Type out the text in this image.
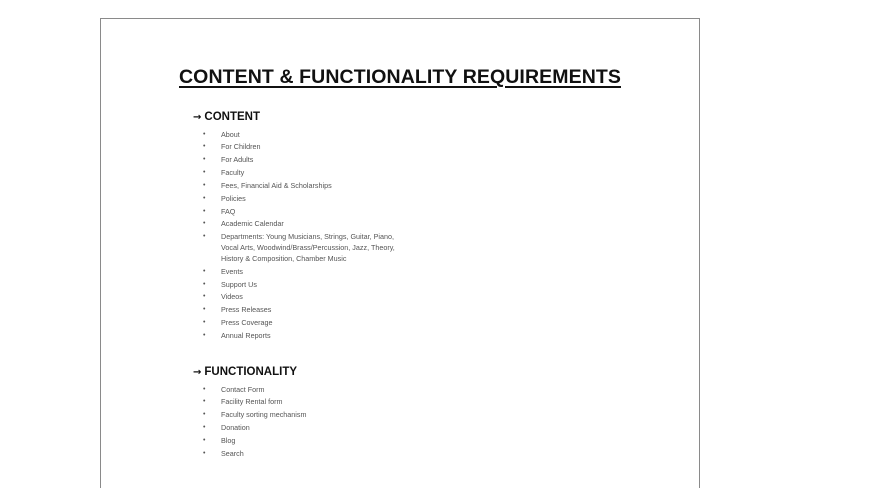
CONTENT & FUNCTIONALITY REQUIREMENTS
→ CONTENT
• About
• For Children
• For Adults
• Faculty
• Fees, Financial Aid & Scholarships
• Policies
• FAQ
• Academic Calendar
• Departments: Young Musicians, Strings, Guitar, Piano,
Vocal Arts, Woodwind/Brass/Percussion, Jazz, Theory,
History & Composition, Chamber Music
• Events
• Support Us
• Videos
• Press Releases
• Press Coverage
• Annual Reports
→ FUNCTIONALITY
• Contact Form
• Facility Rental form
• Faculty sorting mechanism
• Donation
• Blog
• Search
